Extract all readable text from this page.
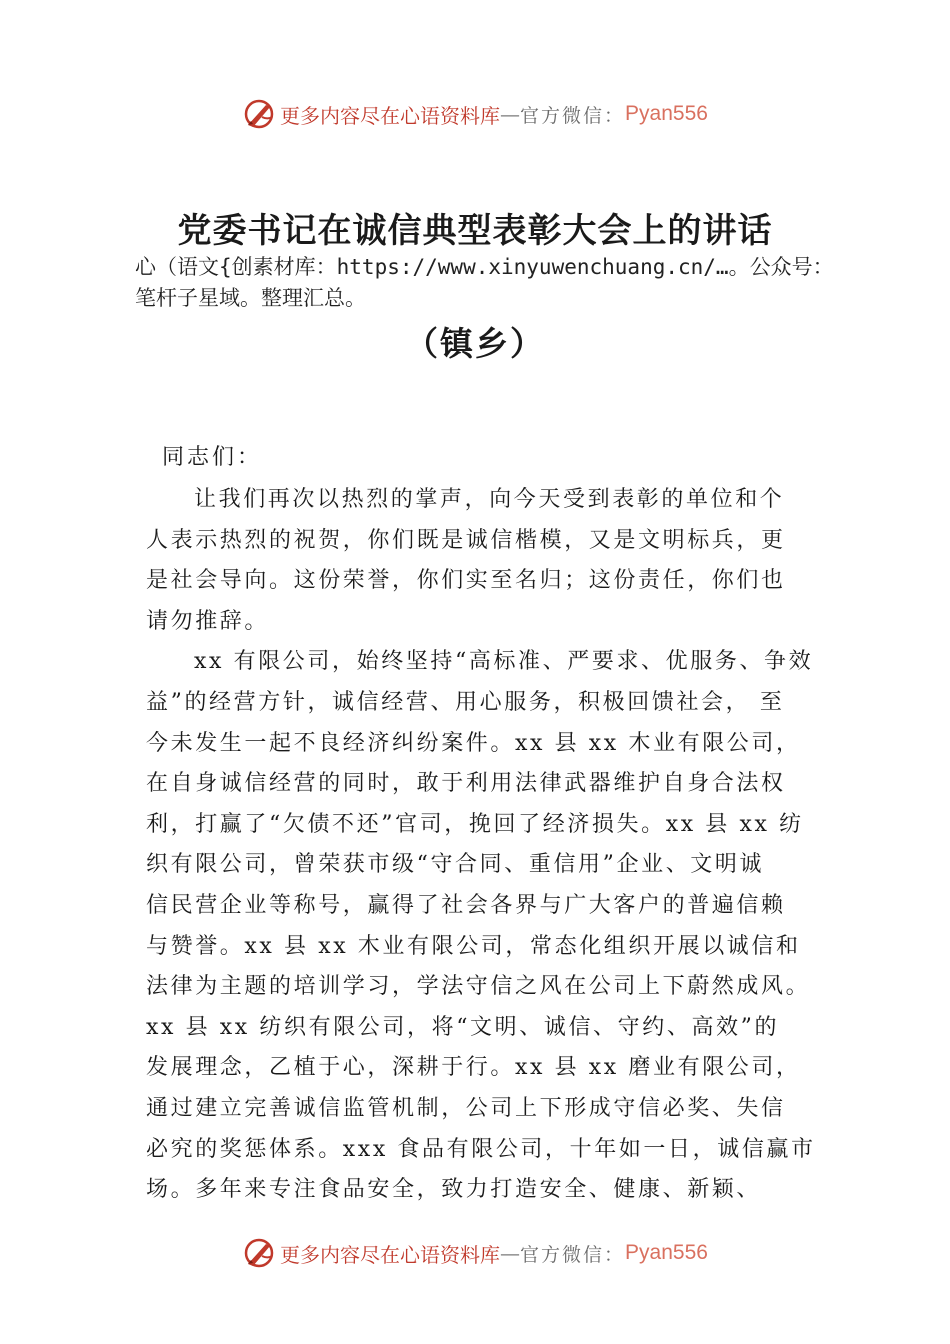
更多内容尽在心语资料库 — 官方微信： Pyan556
党委书记在诚信典型表彰大会上的讲话

心（语文{创素材库：https://www.xinyuwenchuang.cn/…。公众号：笔杆子星域。整理汇总。

（镇乡）

同志们：

让我们再次以热烈的掌声，向今天受到表彰的单位和个
人表示热烈的祝贺，你们既是诚信楷模，又是文明标兵，更
是社会导向。这份荣誉，你们实至名归；这份责任，你们也
请勿推辞。
xx 有限公司，始终坚持“高标准、严要求、优服务、争效
益”的经营方针，诚信经营、用心服务，积极回馈社会， 至
今未发生一起不良经济纠纷案件。xx 县 xx 木业有限公司，
在自身诚信经营的同时，敢于利用法律武器维护自身合法权
利，打赢了“欠债不还”官司，挽回了经济损失。xx 县 xx 纺
织有限公司，曾荣获市级“守合同、重信用”企业、文明诚
信民营企业等称号，赢得了社会各界与广大客户的普遍信赖
与赞誉。xx 县 xx 木业有限公司，常态化组织开展以诚信和
法律为主题的培训学习，学法守信之风在公司上下蔚然成风。
xx 县 xx 纺织有限公司，将“文明、诚信、守约、高效”的
发展理念，乙植于心，深耕于行。xx 县 xx 磨业有限公司，
通过建立完善诚信监管机制，公司上下形成守信必奖、失信
必究的奖惩体系。xxx 食品有限公司，十年如一日，诚信赢市
场。多年来专注食品安全，致力打造安全、健康、新颖、
更多内容尽在心语资料库 — 官方微信： Pyan556
